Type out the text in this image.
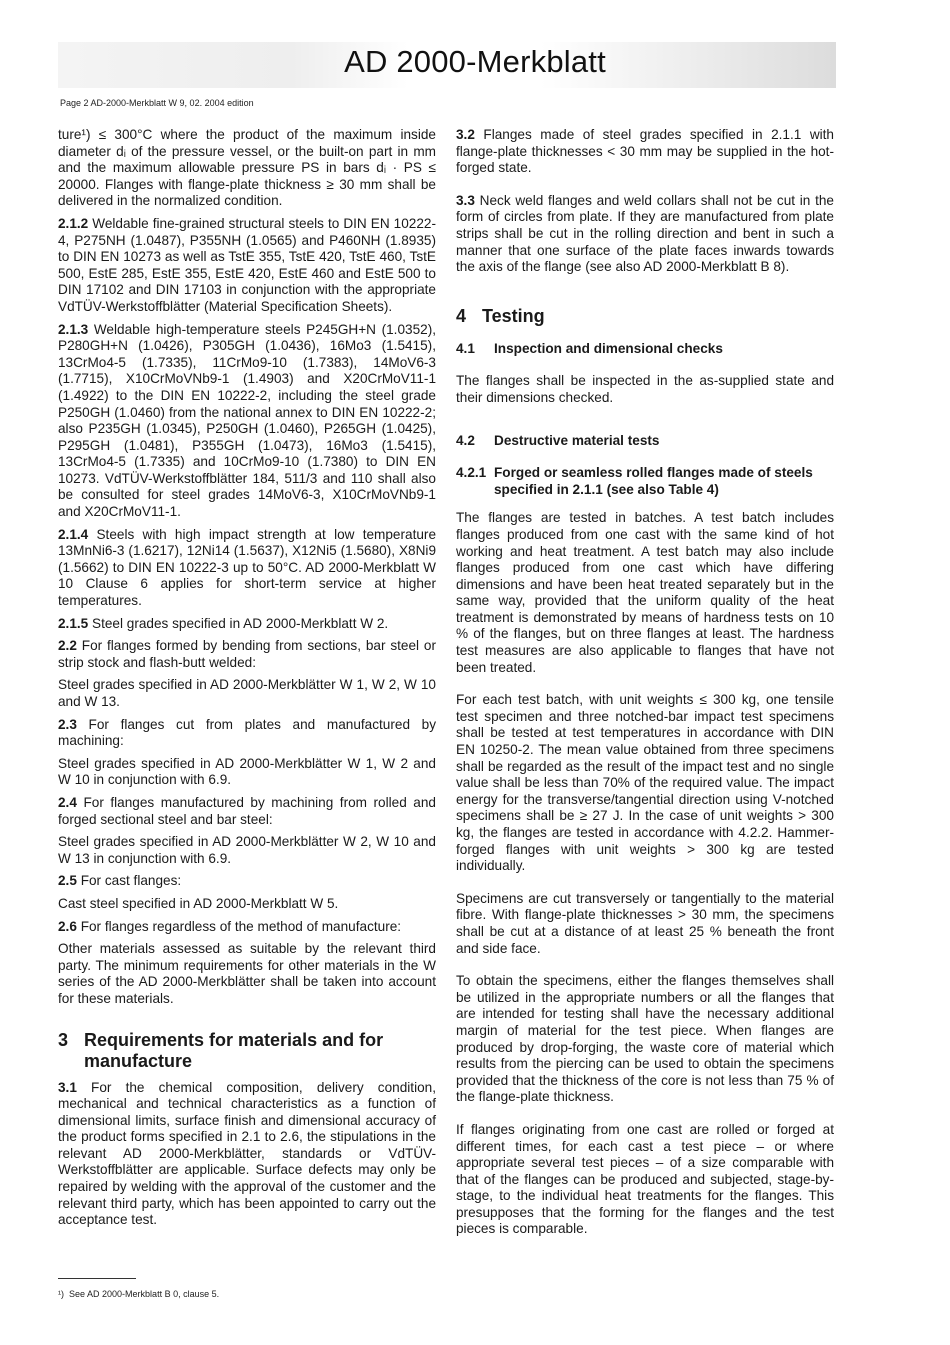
AD 2000-Merkblatt
Page 2 AD-2000-Merkblatt W 9, 02. 2004 edition

ture¹) ≤ 300°C where the product of the maximum inside diameter dᵢ of the pressure vessel, or the built-on part in mm and the maximum allowable pressure PS in bars dᵢ · PS ≤ 20000. Flanges with flange-plate thickness ≥ 30 mm shall be delivered in the normalized condition.

2.1.2 Weldable fine-grained structural steels to DIN EN 10222-4, P275NH (1.0487), P355NH (1.0565) and P460NH (1.8935) to DIN EN 10273 as well as TstE 355, TstE 420, TstE 460, TstE 500, EstE 285, EstE 355, EstE 420, EstE 460 and EstE 500 to DIN 17102 and DIN 17103 in conjunction with the appropriate VdTÜV-Werkstoffblätter (Material Specification Sheets).

2.1.3 Weldable high-temperature steels P245GH+N (1.0352), P280GH+N (1.0426), P305GH (1.0436), 16Mo3 (1.5415), 13CrMo4-5 (1.7335), 11CrMo9-10 (1.7383), 14MoV6-3 (1.7715), X10CrMoVNb9-1 (1.4903) and X20CrMoV11-1 (1.4922) to the DIN EN 10222-2, including the steel grade P250GH (1.0460) from the national annex to DIN EN 10222-2; also P235GH (1.0345), P250GH (1.0460), P265GH (1.0425), P295GH (1.0481), P355GH (1.0473), 16Mo3 (1.5415), 13CrMo4-5 (1.7335) and 10CrMo9-10 (1.7380) to DIN EN 10273. VdTÜV-Werkstoffblätter 184, 511/3 and 110 shall also be consulted for steel grades 14MoV6-3, X10CrMoVNb9-1 and X20CrMoV11-1.

2.1.4 Steels with high impact strength at low temperature 13MnNi6-3 (1.6217), 12Ni14 (1.5637), X12Ni5 (1.5680), X8Ni9 (1.5662) to DIN EN 10222-3 up to 50°C. AD 2000-Merkblatt W 10 Clause 6 applies for short-term service at higher temperatures.

2.1.5 Steel grades specified in AD 2000-Merkblatt W 2.

2.2 For flanges formed by bending from sections, bar steel or strip stock and flash-butt welded:

Steel grades specified in AD 2000-Merkblätter W 1, W 2, W 10 and W 13.

2.3 For flanges cut from plates and manufactured by machining:

Steel grades specified in AD 2000-Merkblätter W 1, W 2 and W 10 in conjunction with 6.9.

2.4 For flanges manufactured by machining from rolled and forged sectional steel and bar steel:

Steel grades specified in AD 2000-Merkblätter W 2, W 10 and W 13 in conjunction with 6.9.

2.5 For cast flanges:

Cast steel specified in AD 2000-Merkblatt W 5.

2.6 For flanges regardless of the method of manufacture:

Other materials assessed as suitable by the relevant third party. The minimum requirements for other materials in the W series of the AD 2000-Merkblätter shall be taken into account for these materials.

3 Requirements for materials and for manufacture

3.1 For the chemical composition, delivery condition, mechanical and technical characteristics as a function of dimensional limits, surface finish and dimensional accuracy of the product forms specified in 2.1 to 2.6, the stipulations in the relevant AD 2000-Merkblätter, standards or VdTÜV-Werkstoffblätter are applicable. Surface defects may only be repaired by welding with the approval of the customer and the relevant third party, which has been appointed to carry out the acceptance test.

3.2 Flanges made of steel grades specified in 2.1.1 with flange-plate thicknesses < 30 mm may be supplied in the hot-forged state.

3.3 Neck weld flanges and weld collars shall not be cut in the form of circles from plate. If they are manufactured from plate strips shall be cut in the rolling direction and bent in such a manner that one surface of the plate faces inwards towards the axis of the flange (see also AD 2000-Merkblatt B 8).

4 Testing
4.1	Inspection and dimensional checks

The flanges shall be inspected in the as-supplied state and their dimensions checked.

4.2	Destructive material tests
4.2.1 Forged or seamless rolled flanges made of steels specified in 2.1.1 (see also Table 4)

The flanges are tested in batches. A test batch includes flanges produced from one cast with the same kind of hot working and heat treatment. A test batch may also include flanges produced from one cast which have differing dimensions and have been heat treated separately but in the same way, provided that the uniform quality of the heat treatment is demonstrated by means of hardness tests on 10 % of the flanges, but on three flanges at least. The hardness test measures are also applicable to flanges that have not been treated.

For each test batch, with unit weights ≤ 300 kg, one tensile test specimen and three notched-bar impact test specimens shall be tested at test temperatures in accordance with DIN EN 10250-2. The mean value obtained from three specimens shall be regarded as the result of the impact test and no single value shall be less than 70% of the required value. The impact energy for the transverse/tangential direction using V-notched specimens shall be ≥ 27 J. In the case of unit weights > 300 kg, the flanges are tested in accordance with 4.2.2. Hammer-forged flanges with unit weights > 300 kg are tested individually.

Specimens are cut transversely or tangentially to the material fibre. With flange-plate thicknesses > 30 mm, the specimens shall be cut at a distance of at least 25 % beneath the front and side face.

To obtain the specimens, either the flanges themselves shall be utilized in the appropriate numbers or all the flanges that are intended for testing shall have the necessary additional margin of material for the test piece. When flanges are produced by drop-forging, the waste core of material which results from the piercing can be used to obtain the specimens provided that the thickness of the core is not less than 75 % of the flange-plate thickness.

If flanges originating from one cast are rolled or forged at different times, for each cast a test piece – or where appropriate several test pieces – of a size comparable with that of the flanges can be produced and subjected, stage-by-stage, to the individual heat treatments for the flanges. This presupposes that the forming for the flanges and the test pieces is comparable.

¹) See AD 2000-Merkblatt B 0, clause 5.
